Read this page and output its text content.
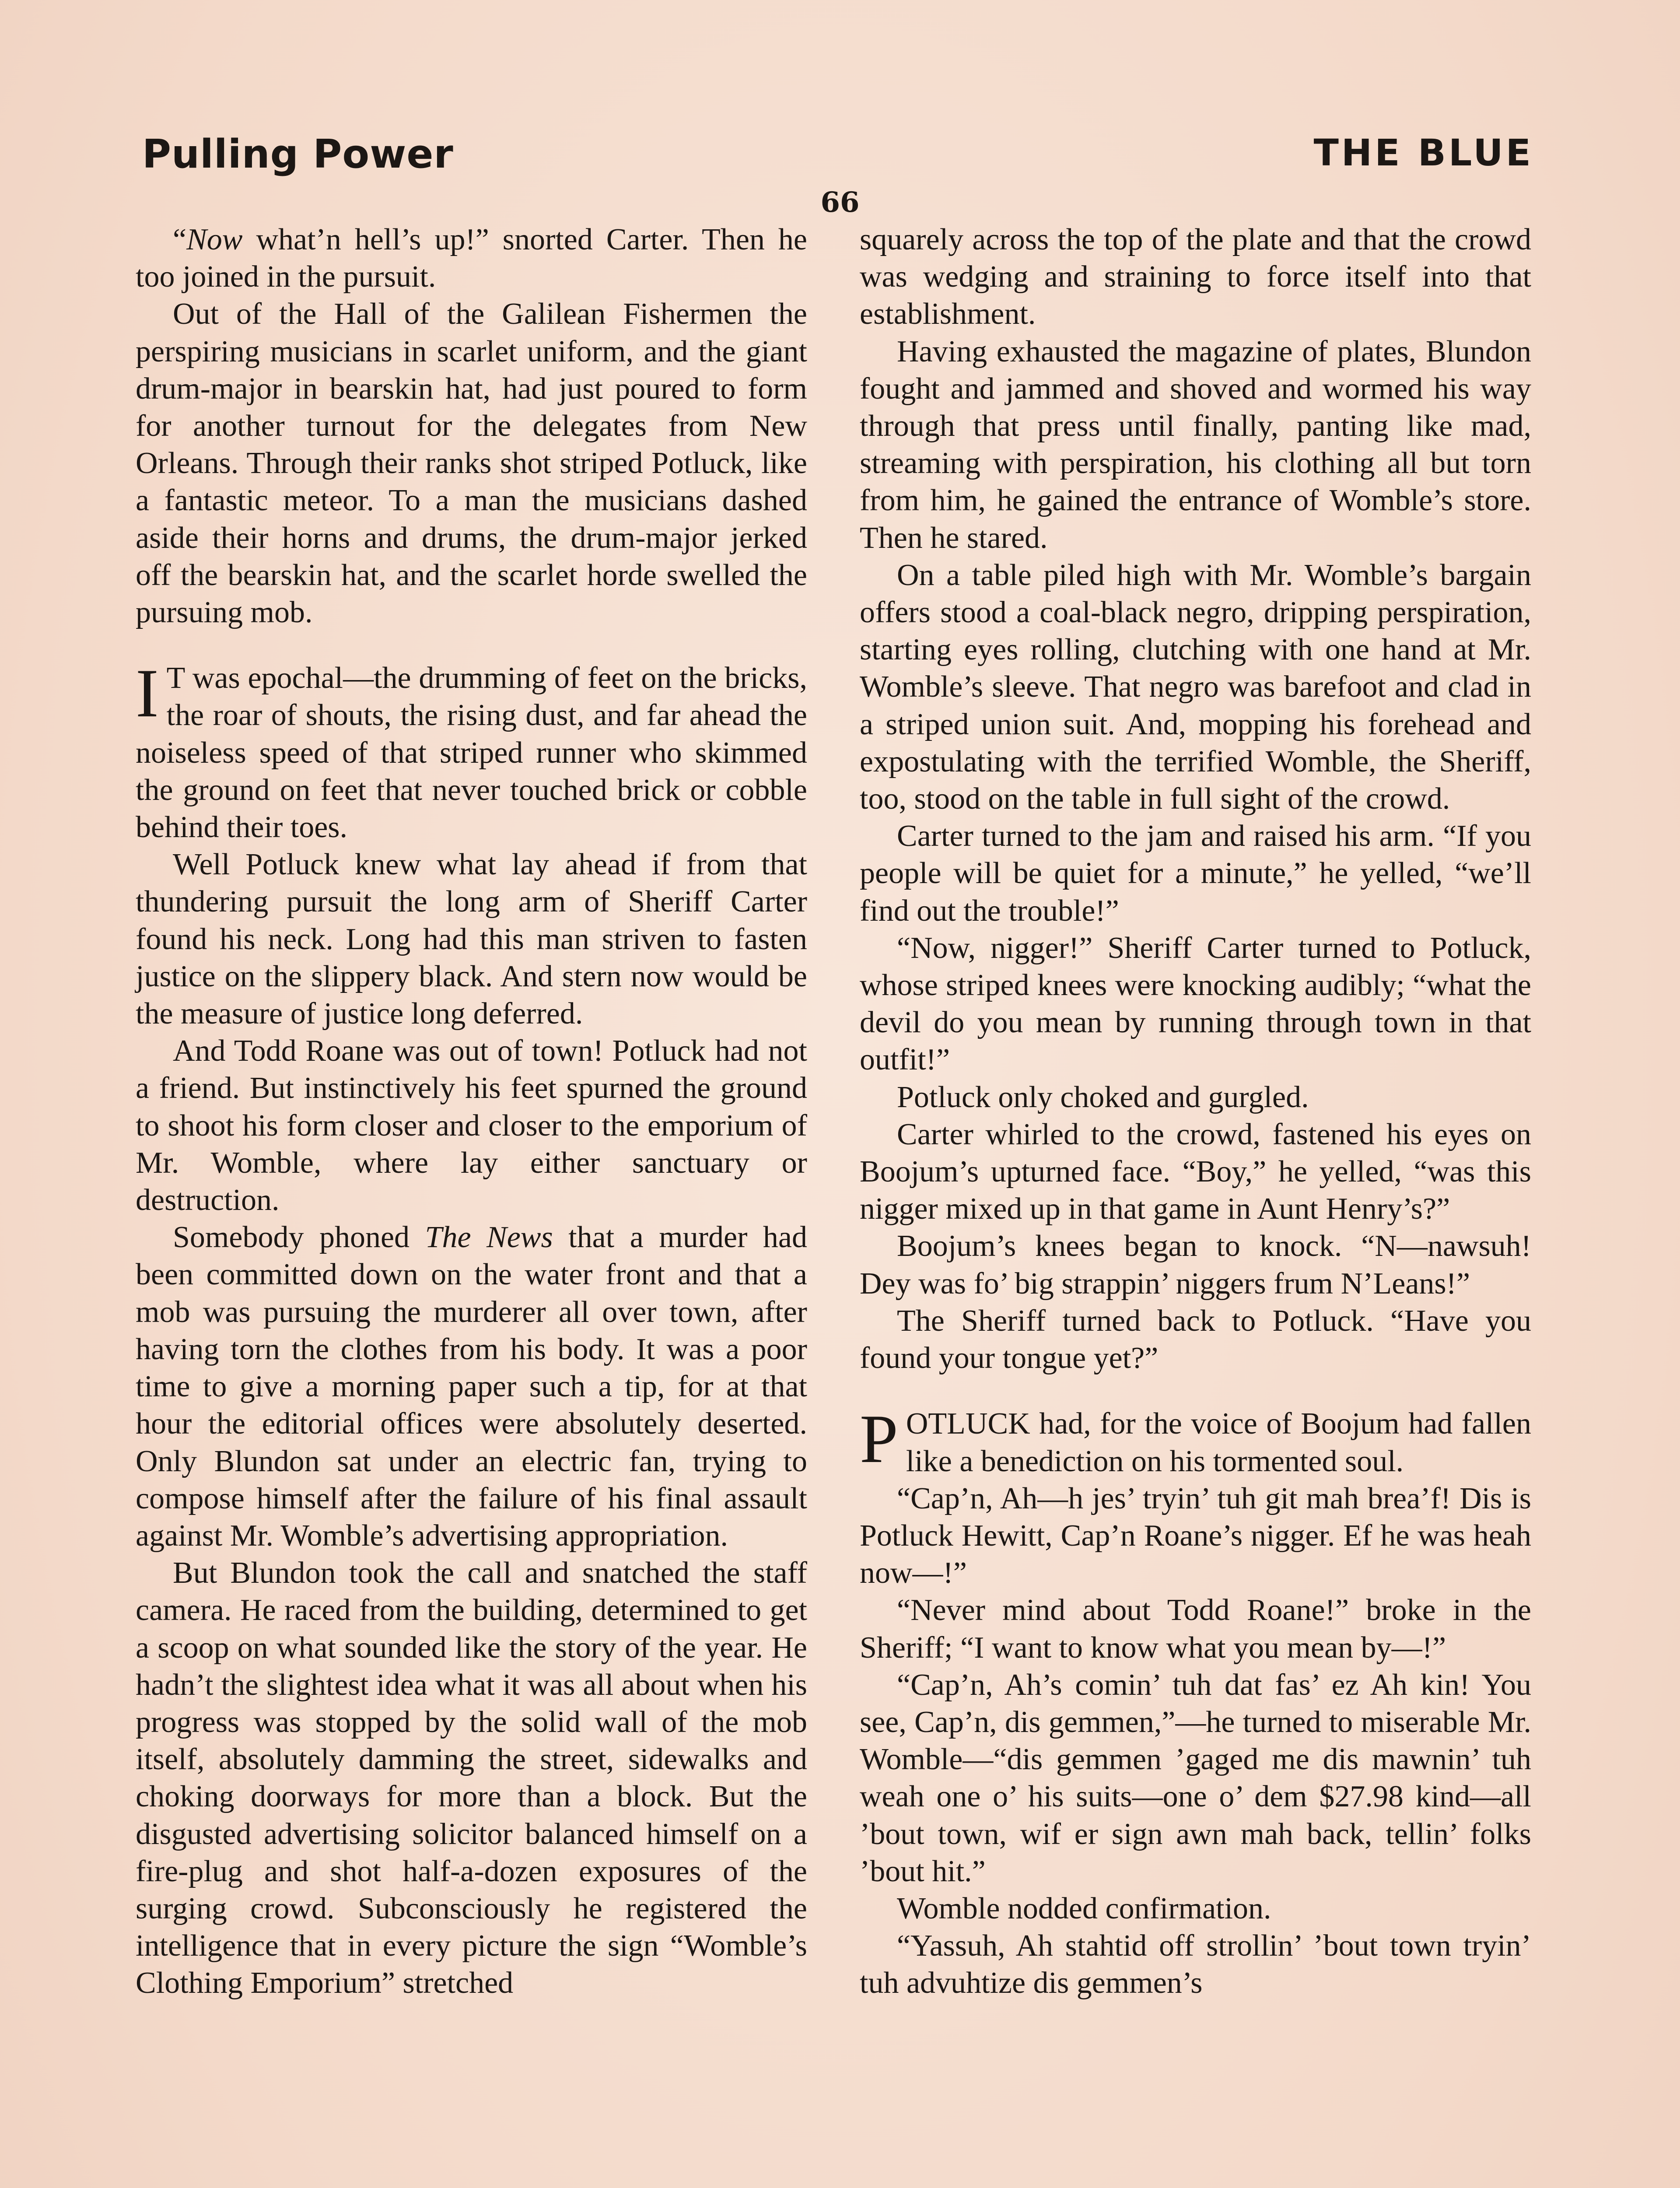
Pulling Power	THE BLUE
66

“Now what’n hell’s up!” snorted Carter. Then he too joined in the pursuit.

Out of the Hall of the Galilean Fishermen the perspiring musicians in scarlet uniform, and the giant drum-major in bearskin hat, had just poured to form for another turnout for the delegates from New Orleans. Through their ranks shot striped Potluck, like a fantastic meteor. To a man the musicians dashed aside their horns and drums, the drum-major jerked off the bearskin hat, and the scarlet horde swelled the pursuing mob.

I T was epochal—the drumming of feet on the bricks, the roar of shouts, the rising dust, and far ahead the noiseless speed of that striped runner who skimmed the ground on feet that never touched brick or cobble behind their toes.

Well Potluck knew what lay ahead if from that thundering pursuit the long arm of Sheriff Carter found his neck. Long had this man striven to fasten justice on the slippery black. And stern now would be the measure of justice long deferred.

And Todd Roane was out of town! Potluck had not a friend. But instinctively his feet spurned the ground to shoot his form closer and closer to the emporium of Mr. Womble, where lay either sanctuary or destruction.

Somebody phoned The News that a murder had been committed down on the water front and that a mob was pursuing the murderer all over town, after having torn the clothes from his body. It was a poor time to give a morning paper such a tip, for at that hour the editorial offices were absolutely deserted. Only Blundon sat under an electric fan, trying to compose himself after the failure of his final assault against Mr. Womble’s advertising appropriation.

But Blundon took the call and snatched the staff camera. He raced from the building, determined to get a scoop on what sounded like the story of the year. He hadn’t the slightest idea what it was all about when his progress was stopped by the solid wall of the mob itself, absolutely damming the street, sidewalks and choking doorways for more than a block. But the disgusted advertising solicitor balanced himself on a fire-plug and shot half-a-dozen exposures of the surging crowd. Subconsciously he registered the intelligence that in every picture the sign “Womble’s Clothing Emporium” stretched

squarely across the top of the plate and that the crowd was wedging and straining to force itself into that establishment.

Having exhausted the magazine of plates, Blundon fought and jammed and shoved and wormed his way through that press until finally, panting like mad, streaming with perspiration, his clothing all but torn from him, he gained the entrance of Womble’s store. Then he stared.

On a table piled high with Mr. Womble’s bargain offers stood a coal-black negro, dripping perspiration, starting eyes rolling, clutching with one hand at Mr. Womble’s sleeve. That negro was barefoot and clad in a striped union suit. And, mopping his forehead and expostulating with the terrified Womble, the Sheriff, too, stood on the table in full sight of the crowd.

Carter turned to the jam and raised his arm. “If you people will be quiet for a minute,” he yelled, “we’ll find out the trouble!”

“Now, nigger!” Sheriff Carter turned to Potluck, whose striped knees were knocking audibly; “what the devil do you mean by running through town in that outfit!”

Potluck only choked and gurgled.

Carter whirled to the crowd, fastened his eyes on Boojum’s upturned face. “Boy,” he yelled, “was this nigger mixed up in that game in Aunt Henry’s?”

Boojum’s knees began to knock. “N—nawsuh! Dey was fo’ big strappin’ niggers frum N’Leans!”

The Sheriff turned back to Potluck. “Have you found your tongue yet?”

POTLUCK had, for the voice of Boojum had fallen like a benediction on his tormented soul.

“Cap’n, Ah—h jes’ tryin’ tuh git mah brea’f! Dis is Potluck Hewitt, Cap’n Roane’s nigger. Ef he was heah now—!”

“Never mind about Todd Roane!” broke in the Sheriff; “I want to know what you mean by—!”

“Cap’n, Ah’s comin’ tuh dat fas’ ez Ah kin! You see, Cap’n, dis gemmen,”—he turned to miserable Mr. Womble—“dis gemmen ’gaged me dis mawnin’ tuh weah one o’ his suits—one o’ dem $27.98 kind—all ’bout town, wif er sign awn mah back, tellin’ folks ’bout hit.”

Womble nodded confirmation.

“Yassuh, Ah stahtid off strollin’ ’bout town tryin’ tuh advuhtize dis gemmen’s
